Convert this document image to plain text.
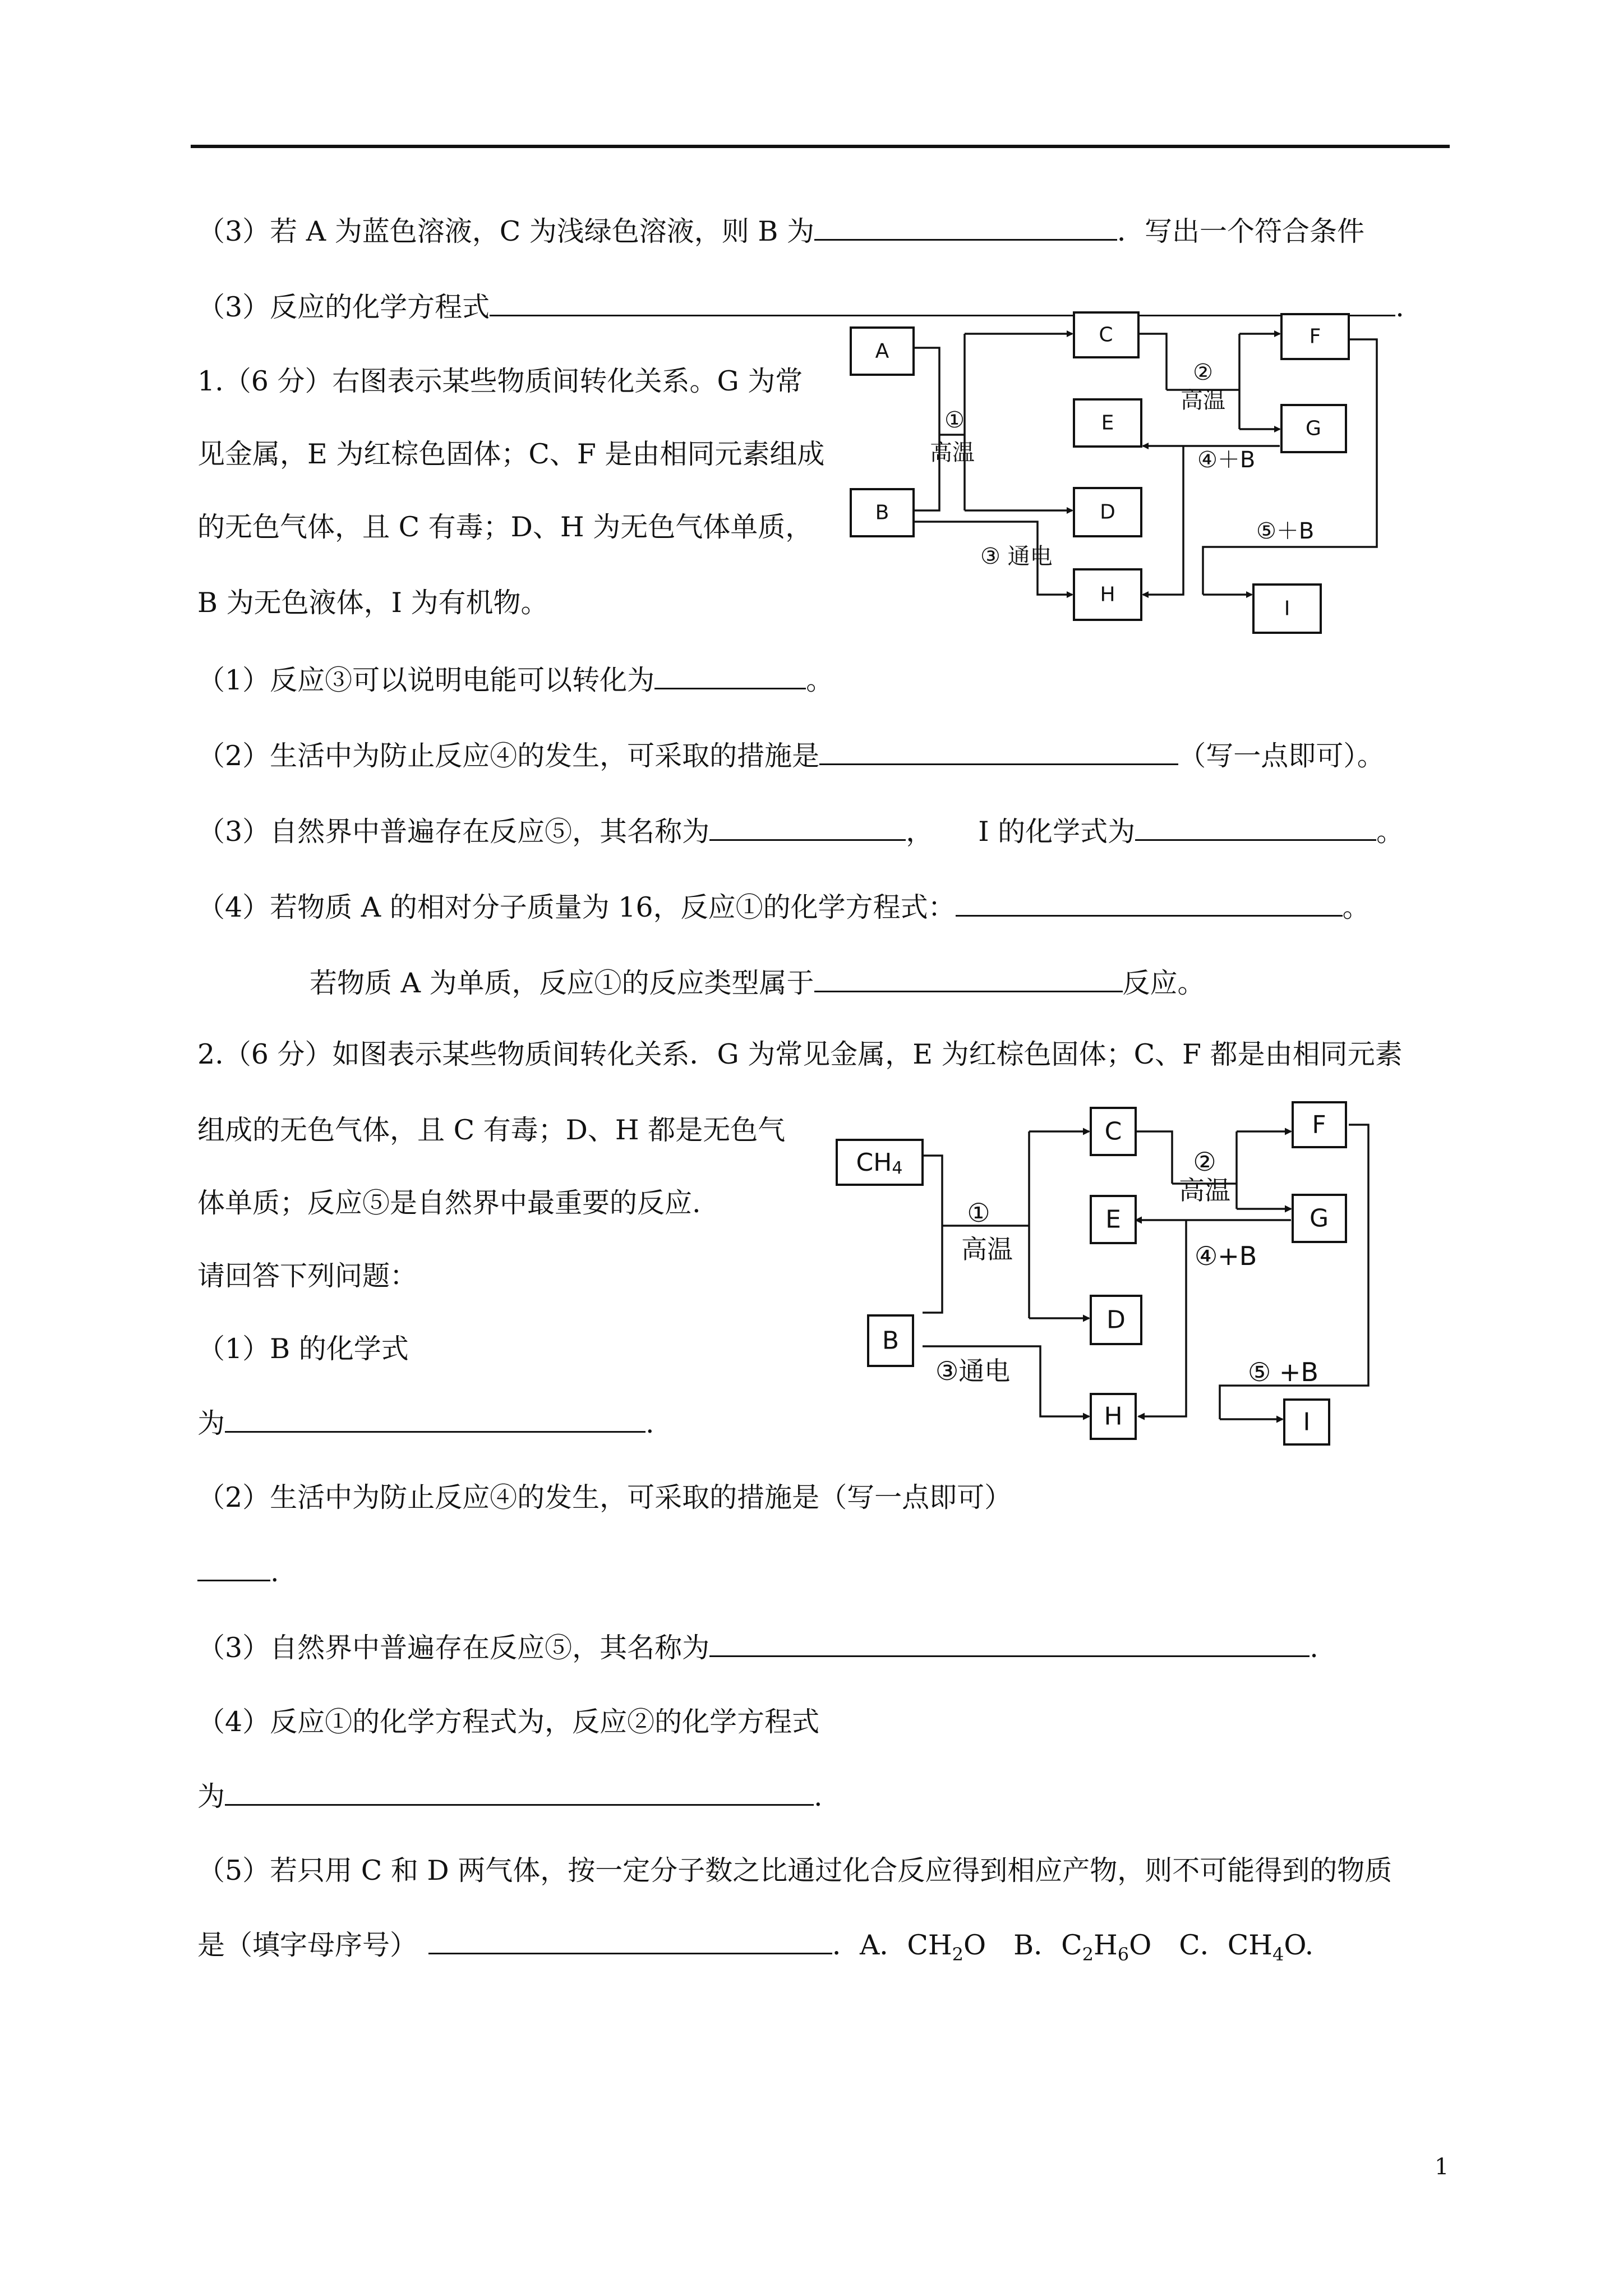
（3）若 A 为蓝色溶液，C 为浅绿色溶液，则 B 为	．写出一个符合条件
（3）反应的化学方程式	.
1.（6 分）右图表示某些物质间转化关系。G 为常
见金属，E 为红棕色固体；C、F 是由相同元素组成
的无色气体，且 C 有毒；D、H 为无色气体单质，
B 为无色液体，I 为有机物。
A
B
C
E
D
H
F
G
I
①
高温
②
高温
③ 通电
④＋B
⑤＋B
（1）反应③可以说明电能可以转化为	。
（2）生活中为防止反应④的发生，可采取的措施是	（写一点即可）。
（3）自然界中普遍存在反应⑤，其名称为	， I 的化学式为	。
（4）若物质 A 的相对分子质量为 16，反应①的化学方程式：	。
若物质 A 为单质，反应①的反应类型属于	反应。
2.（6 分）如图表示某些物质间转化关系．G 为常见金属，E 为红棕色固体；C、F 都是由相同元素
组成的无色气体，且 C 有毒；D、H 都是无色气
体单质；反应⑤是自然界中最重要的反应.
请回答下列问题：
（1）B 的化学式
为	.
$CH_4$
B
C
E
D
H
F
G
I
①
高温
②
高温
③通电
④+B
⑤ +B
（2）生活中为防止反应④的发生，可采取的措施是（写一点即可）
.
（3）自然界中普遍存在反应⑤，其名称为	.
（4）反应①的化学方程式为，反应②的化学方程式
为	.
（5）若只用 C 和 D 两气体，按一定分子数之比通过化合反应得到相应产物，则不可能得到的物质
是（填字母序号）	．A．$CH_2O$　B．$C_2H_6O$　C．$CH_4O$.
1
